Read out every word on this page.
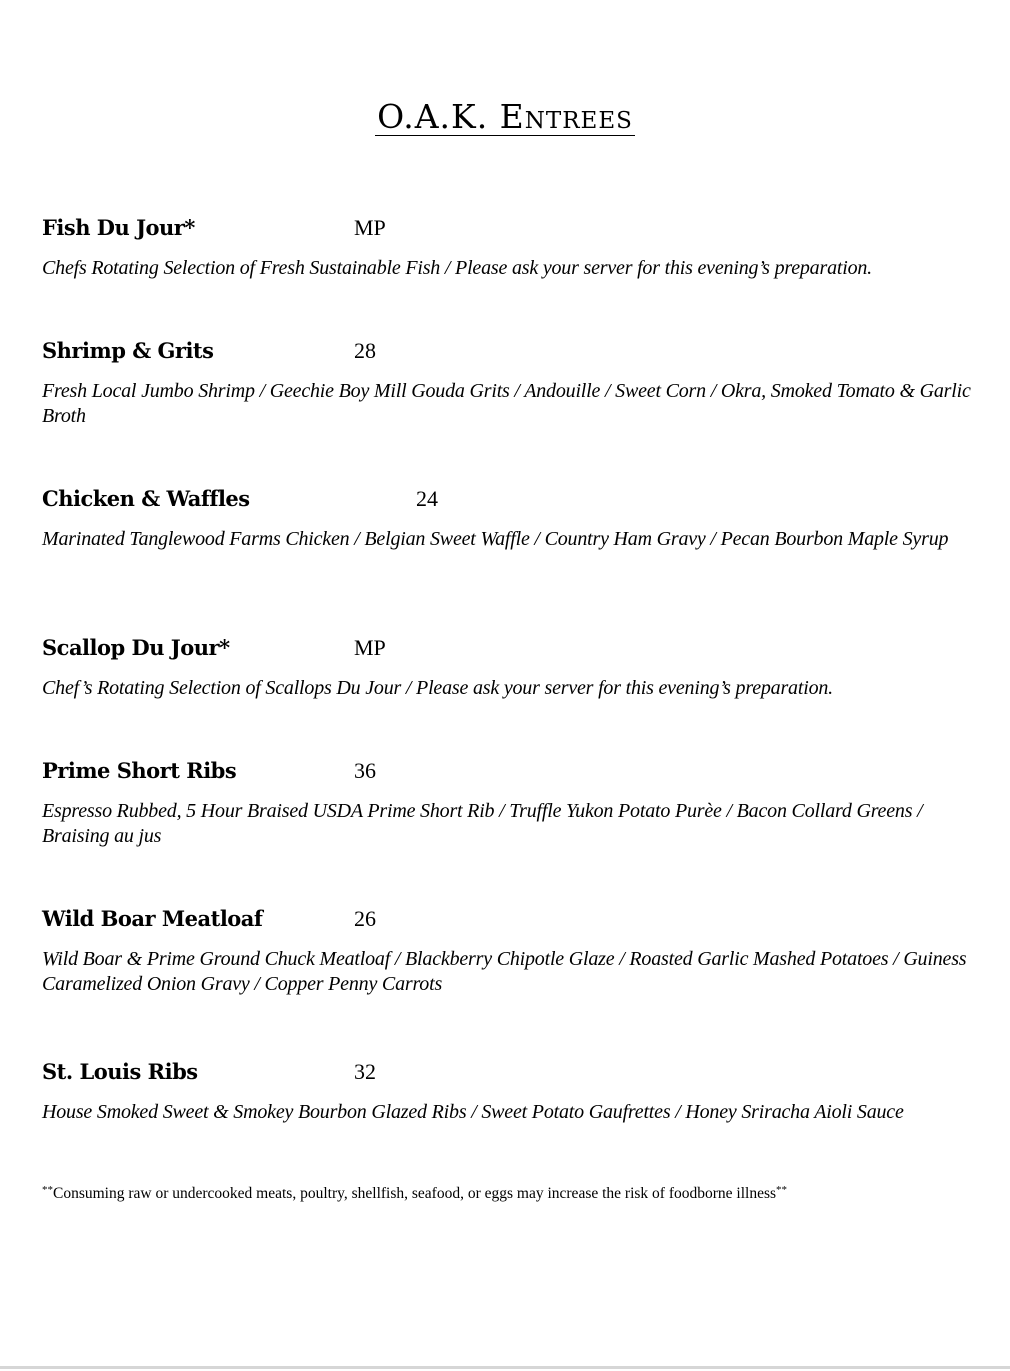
O.A.K. Entrees
Fish Du Jour*	MP
Chefs Rotating Selection of Fresh Sustainable Fish / Please ask your server for this evening’s preparation.
Shrimp & Grits	28
Fresh Local Jumbo Shrimp / Geechie Boy Mill Gouda Grits / Andouille / Sweet Corn / Okra, Smoked Tomato & Garlic Broth
Chicken & Waffles	24
Marinated Tanglewood Farms Chicken / Belgian Sweet Waffle / Country Ham Gravy / Pecan Bourbon Maple Syrup
Scallop Du Jour*	MP
Chef’s Rotating Selection of Scallops Du Jour / Please ask your server for this evening’s preparation.
Prime Short Ribs	36
Espresso Rubbed, 5 Hour Braised USDA Prime Short Rib / Truffle Yukon Potato Purèe / Bacon Collard Greens / Braising au jus
Wild Boar Meatloaf	26
Wild Boar & Prime Ground Chuck Meatloaf / Blackberry Chipotle Glaze / Roasted Garlic Mashed Potatoes / Guiness Caramelized Onion Gravy / Copper Penny Carrots
St. Louis Ribs	32
House Smoked Sweet & Smokey Bourbon Glazed Ribs / Sweet Potato Gaufrettes / Honey Sriracha Aioli Sauce
**Consuming raw or undercooked meats, poultry, shellfish, seafood, or eggs may increase the risk of foodborne illness**
